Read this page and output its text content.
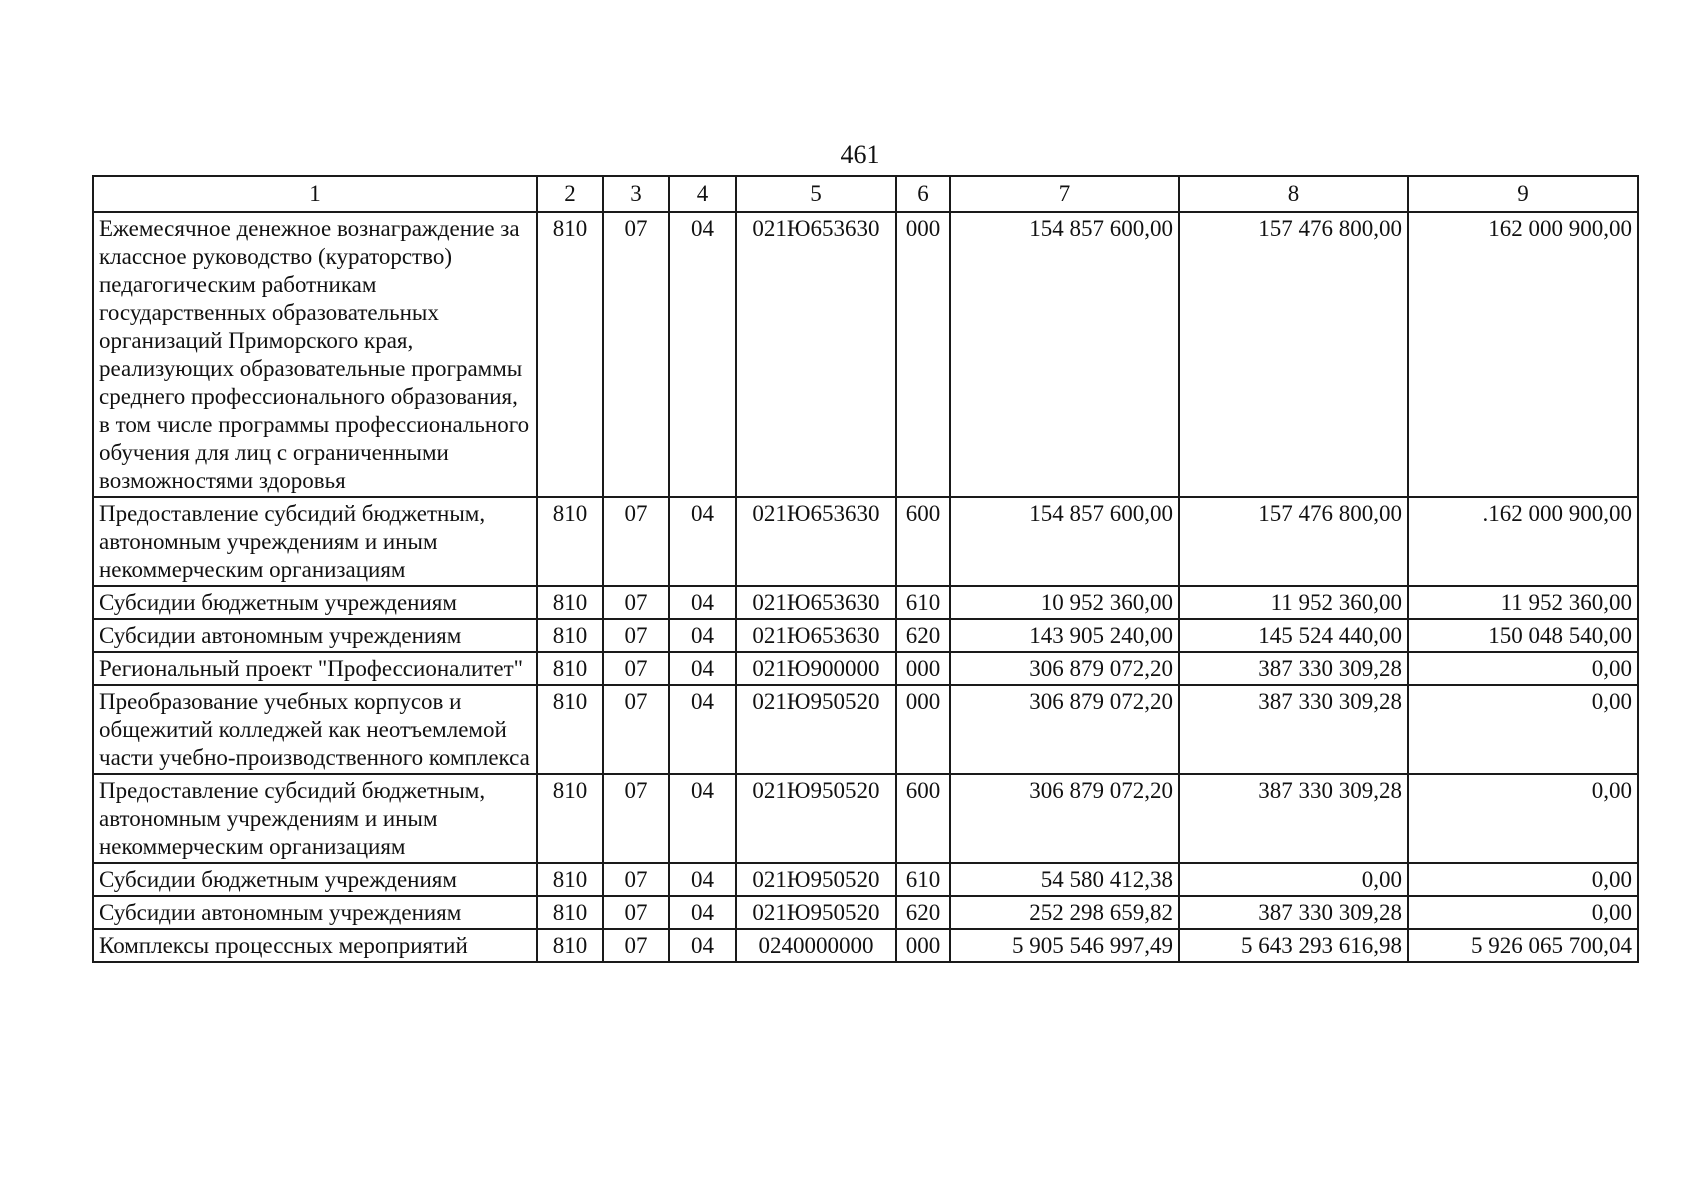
461
1	2	3	4	5	6	7	8	9
Ежемесячное денежное вознаграждение за классное руководство (кураторство) педагогическим работникам государственных образовательных организаций Приморского края, реализующих образовательные программы среднего профессионального образования, в том числе программы профессионального обучения для лиц с ограниченными возможностями здоровья	810	07	04	021Ю653630	000	154 857 600,00	157 476 800,00	162 000 900,00
Предоставление субсидий бюджетным, автономным учреждениям и иным некоммерческим организациям	810	07	04	021Ю653630	600	154 857 600,00	157 476 800,00	.162 000 900,00
Субсидии бюджетным учреждениям	810	07	04	021Ю653630	610	10 952 360,00	11 952 360,00	11 952 360,00
Субсидии автономным учреждениям	810	07	04	021Ю653630	620	143 905 240,00	145 524 440,00	150 048 540,00
Региональный проект "Профессионалитет"	810	07	04	021Ю900000	000	306 879 072,20	387 330 309,28	0,00
Преобразование учебных корпусов и общежитий колледжей как неотъемлемой части учебно-производственного комплекса	810	07	04	021Ю950520	000	306 879 072,20	387 330 309,28	0,00
Предоставление субсидий бюджетным, автономным учреждениям и иным некоммерческим организациям	810	07	04	021Ю950520	600	306 879 072,20	387 330 309,28	0,00
Субсидии бюджетным учреждениям	810	07	04	021Ю950520	610	54 580 412,38	0,00	0,00
Субсидии автономным учреждениям	810	07	04	021Ю950520	620	252 298 659,82	387 330 309,28	0,00
Комплексы процессных мероприятий	810	07	04	0240000000	000	5 905 546 997,49	5 643 293 616,98	5 926 065 700,04
